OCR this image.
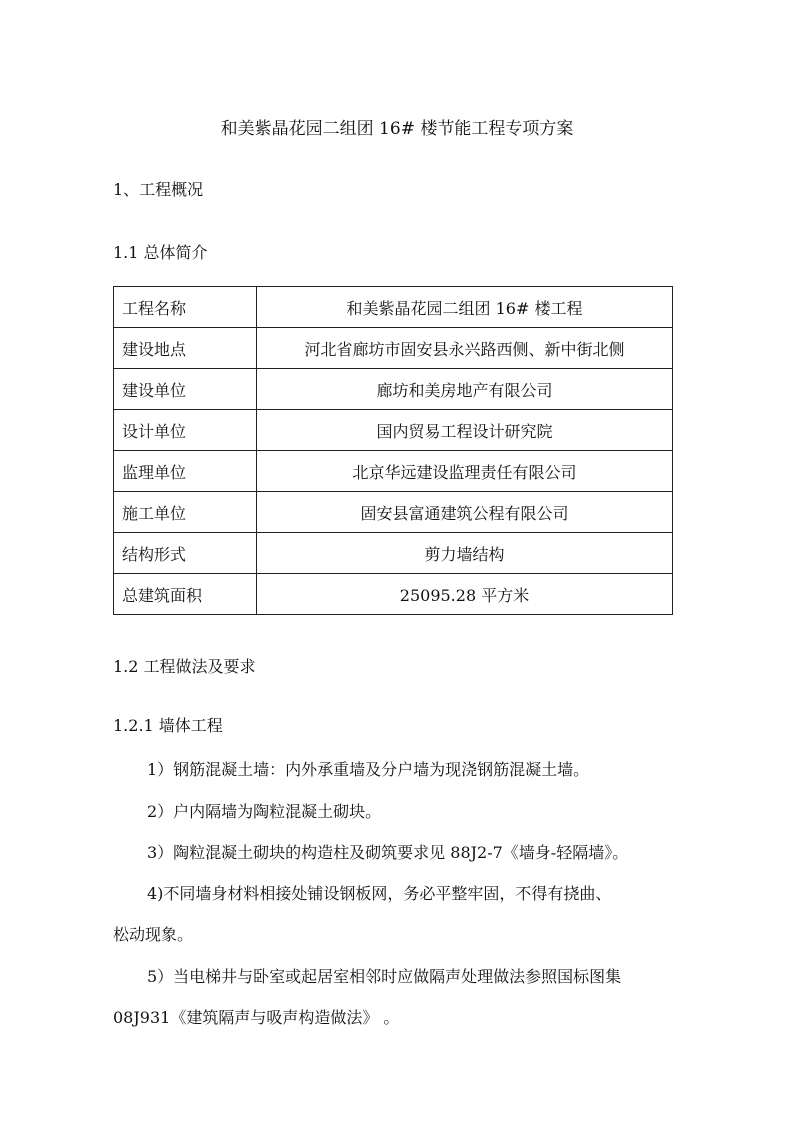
和美紫晶花园二组团 16# 楼节能工程专项方案
1、工程概况
1.1 总体简介
工程名称	和美紫晶花园二组团 16# 楼工程
建设地点	河北省廊坊市固安县永兴路西侧、新中街北侧
建设单位	廊坊和美房地产有限公司
设计单位	国内贸易工程设计研究院
监理单位	北京华远建设监理责任有限公司
施工单位	固安县富通建筑公程有限公司
结构形式	剪力墙结构
总建筑面积	25095.28 平方米
1.2 工程做法及要求
1.2.1 墙体工程
1）钢筋混凝土墙：内外承重墙及分户墙为现浇钢筋混凝土墙。
2）户内隔墙为陶粒混凝土砌块。
3）陶粒混凝土砌块的构造柱及砌筑要求见 88J2-7《墙身-轻隔墙》。
4)不同墙身材料相接处铺设钢板网，务必平整牢固，不得有挠曲、
松动现象。
5）当电梯井与卧室或起居室相邻时应做隔声处理做法参照国标图集
08J931《建筑隔声与吸声构造做法》 。
